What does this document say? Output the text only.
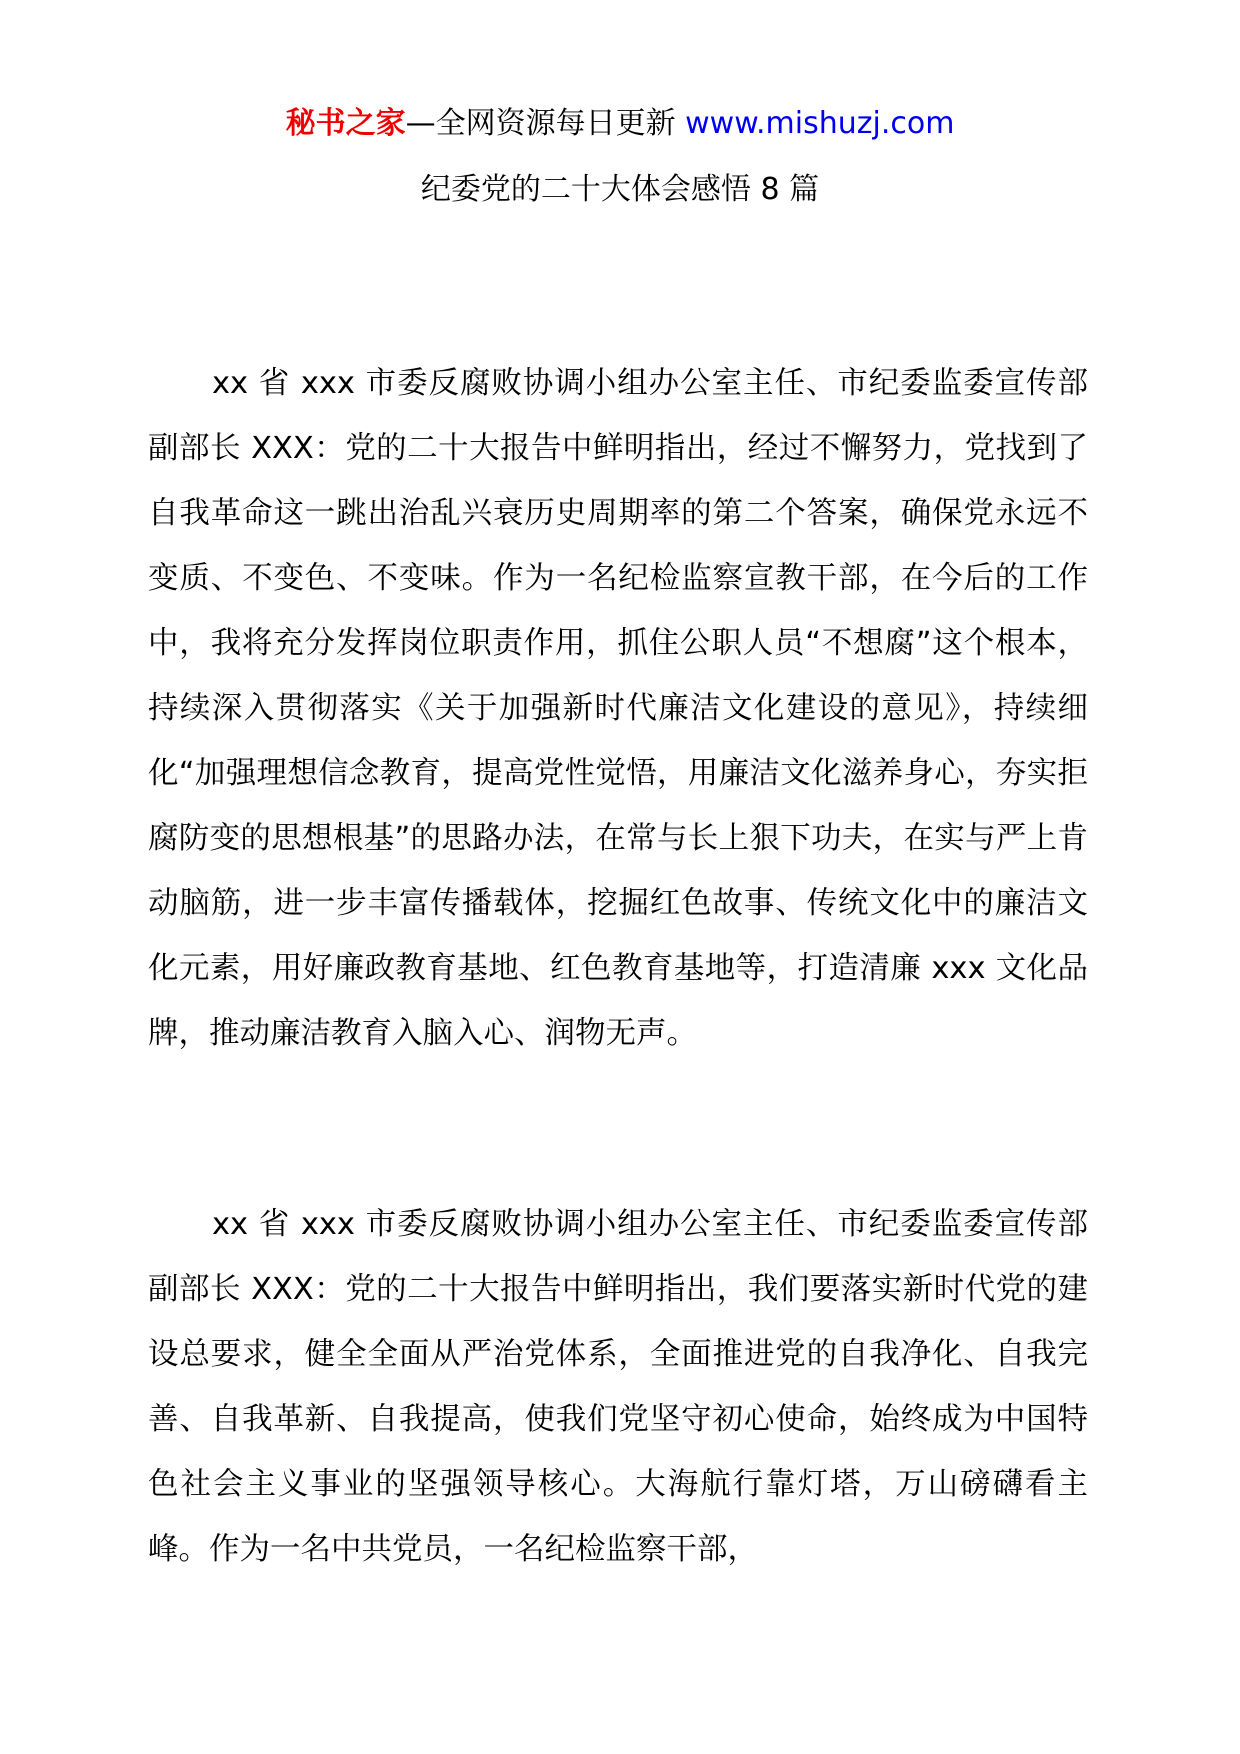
秘书之家—全网资源每日更新 www.mishuzj.com
纪委党的二十大体会感悟 8 篇

xx 省 xxx 市委反腐败协调小组办公室主任、市纪委监委宣传部副部长 XXX：党的二十大报告中鲜明指出，经过不懈努力，党找到了自我革命这一跳出治乱兴衰历史周期率的第二个答案，确保党永远不变质、不变色、不变味。作为一名纪检监察宣教干部，在今后的工作中，我将充分发挥岗位职责作用，抓住公职人员“不想腐”这个根本，持续深入贯彻落实《关于加强新时代廉洁文化建设的意见》，持续细化“加强理想信念教育，提高党性觉悟，用廉洁文化滋养身心，夯实拒腐防变的思想根基”的思路办法，在常与长上狠下功夫，在实与严上肯动脑筋，进一步丰富传播载体，挖掘红色故事、传统文化中的廉洁文化元素，用好廉政教育基地、红色教育基地等，打造清廉 xxx 文化品牌，推动廉洁教育入脑入心、润物无声。

xx 省 xxx 市委反腐败协调小组办公室主任、市纪委监委宣传部副部长 XXX：党的二十大报告中鲜明指出，我们要落实新时代党的建设总要求，健全全面从严治党体系，全面推进党的自我净化、自我完善、自我革新、自我提高，使我们党坚守初心使命，始终成为中国特色社会主义事业的坚强领导核心。大海航行靠灯塔，万山磅礴看主峰。作为一名中共党员，一名纪检监察干部，
